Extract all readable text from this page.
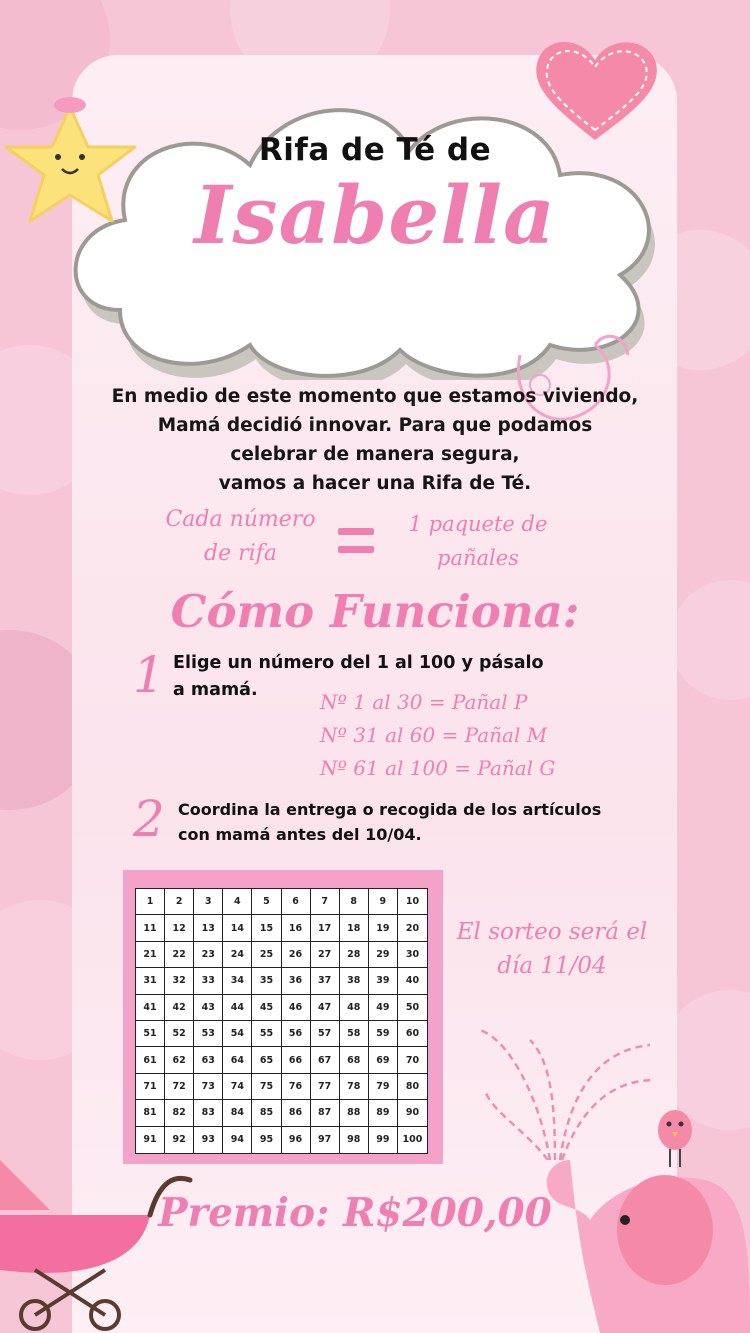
Rifa de Té de
Isabella

En medio de este momento que estamos viviendo,
Mamá decidió innovar. Para que podamos
celebrar de manera segura,
vamos a hacer una Rifa de Té.

Cada número
de rifa
1 paquete de
pañales
Cómo Funciona:
1 Elige un número del 1 al 100 y pásalo
a mamá.	Nº 1 al 30 = Pañal P
Nº 31 al 60 = Pañal M
Nº 61 al 100 = Pañal G
2 Coordina la entrega o recogida de los artículos
con mamá antes del 10/04.
1	2	3	4	5	6	7	8	9	10
11	12	13	14	15	16	17	18	19	20
21	22	23	24	25	26	27	28	29	30
31	32	33	34	35	36	37	38	39	40
41	42	43	44	45	46	47	48	49	50
51	52	53	54	55	56	57	58	59	60
61	62	63	64	65	66	67	68	69	70
71	72	73	74	75	76	77	78	79	80
81	82	83	84	85	86	87	88	89	90
91	92	93	94	95	96	97	98	99	100
El sorteo será el
día 11/04
Premio: R$200,00
